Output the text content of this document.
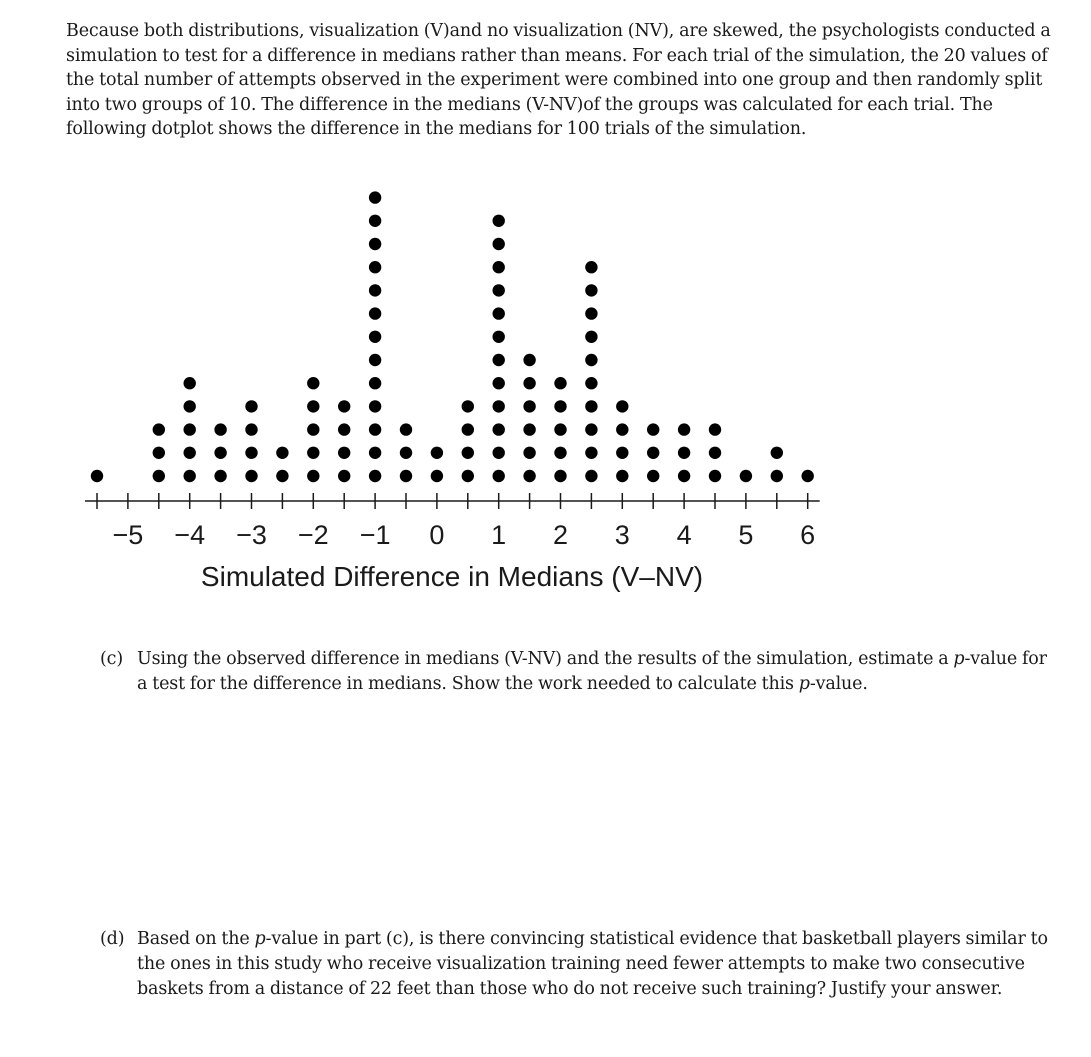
Because both distributions, visualization (V)and no visualization (NV), are skewed, the psychologists conducted a simulation to test for a difference in medians rather than means. For each trial of the simulation, the 20 values of the total number of attempts observed in the experiment were combined into one group and then randomly split into two groups of 10. The difference in the medians (V-NV)of the groups was calculated for each trial. The following dotplot shows the difference in the medians for 100 trials of the simulation.

−5 −4 −3 −2 −1 0 1 2 3 4 5 6
Simulated Difference in Medians (V–NV)
(c) Using the observed difference in medians (V-NV) and the results of the simulation, estimate a p-value for a test for the difference in medians. Show the work needed to calculate this p-value.
(d) Based on the p-value in part (c), is there convincing statistical evidence that basketball players similar to the ones in this study who receive visualization training need fewer attempts to make two consecutive baskets from a distance of 22 feet than those who do not receive such training? Justify your answer.
